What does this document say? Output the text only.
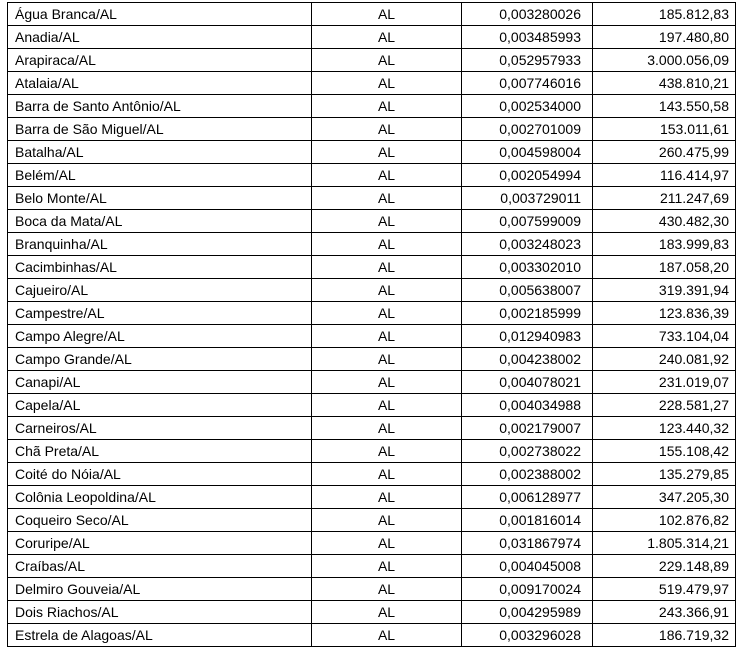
Água Branca/AL	AL	0,003280026	185.812,83
Anadia/AL	AL	0,003485993	197.480,80
Arapiraca/AL	AL	0,052957933	3.000.056,09
Atalaia/AL	AL	0,007746016	438.810,21
Barra de Santo Antônio/AL	AL	0,002534000	143.550,58
Barra de São Miguel/AL	AL	0,002701009	153.011,61
Batalha/AL	AL	0,004598004	260.475,99
Belém/AL	AL	0,002054994	116.414,97
Belo Monte/AL	AL	0,003729011	211.247,69
Boca da Mata/AL	AL	0,007599009	430.482,30
Branquinha/AL	AL	0,003248023	183.999,83
Cacimbinhas/AL	AL	0,003302010	187.058,20
Cajueiro/AL	AL	0,005638007	319.391,94
Campestre/AL	AL	0,002185999	123.836,39
Campo Alegre/AL	AL	0,012940983	733.104,04
Campo Grande/AL	AL	0,004238002	240.081,92
Canapi/AL	AL	0,004078021	231.019,07
Capela/AL	AL	0,004034988	228.581,27
Carneiros/AL	AL	0,002179007	123.440,32
Chã Preta/AL	AL	0,002738022	155.108,42
Coité do Nóia/AL	AL	0,002388002	135.279,85
Colônia Leopoldina/AL	AL	0,006128977	347.205,30
Coqueiro Seco/AL	AL	0,001816014	102.876,82
Coruripe/AL	AL	0,031867974	1.805.314,21
Craíbas/AL	AL	0,004045008	229.148,89
Delmiro Gouveia/AL	AL	0,009170024	519.479,97
Dois Riachos/AL	AL	0,004295989	243.366,91
Estrela de Alagoas/AL	AL	0,003296028	186.719,32
